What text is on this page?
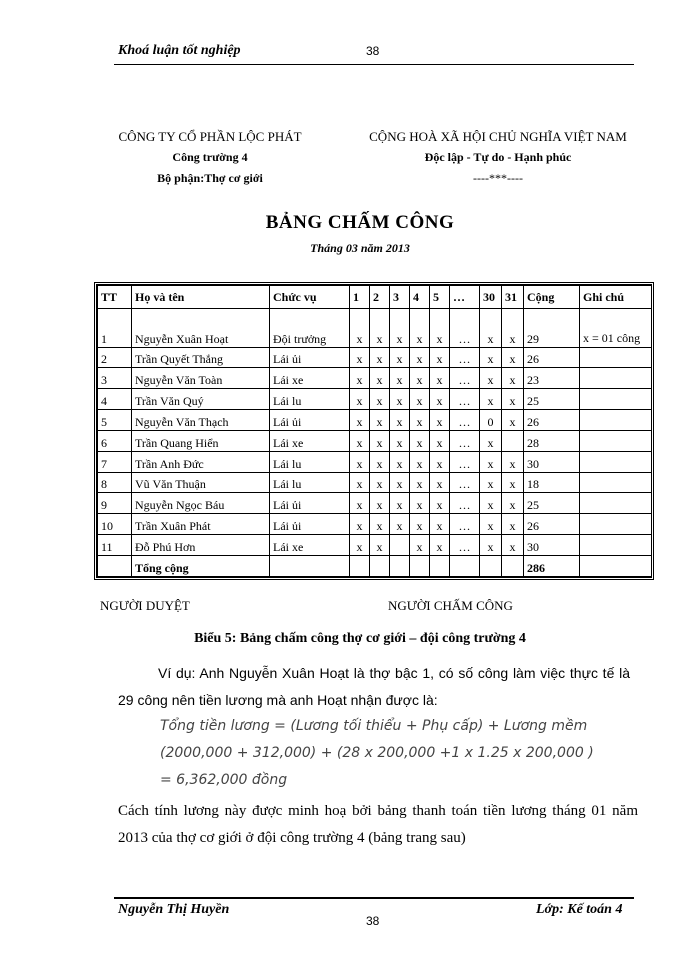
Khoá luận tốt nghiệp	38
CÔNG TY CỔ PHẦN LỘC PHÁT
Công trường 4
Bộ phận:Thợ cơ giới
CỘNG HOÀ XÃ HỘI CHỦ NGHĨA VIỆT NAM
Độc lập - Tự do - Hạnh phúc
----***----
BẢNG CHẤM CÔNG
Tháng 03 năm 2013
TT	Họ và tên	Chức vụ	1	2	3	4	5	…	30	31	Cộng	Ghi chú
1	Nguyễn Xuân Hoạt	Đội trưởng	x	x	x	x	x	…	x	x	29	x = 01 công
2	Trần Quyết Thắng	Lái ủi	x	x	x	x	x	…	x	x	26	
3	Nguyễn Văn Toàn	Lái xe	x	x	x	x	x	…	x	x	23	
4	Trần Văn Quý	Lái lu	x	x	x	x	x	…	x	x	25	
5	Nguyễn Văn Thạch	Lái ủi	x	x	x	x	x	…	0	x	26	
6	Trần Quang Hiển	Lái xe	x	x	x	x	x	…	x		28	
7	Trần Anh Đức	Lái lu	x	x	x	x	x	…	x	x	30	
8	Vũ Văn Thuận	Lái lu	x	x	x	x	x	…	x	x	18	
9	Nguyễn Ngọc Báu	Lái ủi	x	x	x	x	x	…	x	x	25	
10	Trần Xuân Phát	Lái ủi	x	x	x	x	x	…	x	x	26	
11	Đỗ Phú Hơn	Lái xe	x	x		x	x	…	x	x	30	
	Tổng cộng										286	
NGƯỜI DUYỆT	NGƯỜI CHẤM CÔNG
Biểu 5: Bảng chấm công thợ cơ giới – đội công trường 4
Ví dụ: Anh Nguyễn Xuân Hoạt là thợ bậc 1, có số công làm việc thực tế là 29 công nên tiền lương mà anh Hoạt nhận được là:
Tổng tiền lương = (Lương tối thiểu + Phụ cấp) + Lương mềm
(2000,000 + 312,000) + (28 x 200,000 +1 x 1.25 x 200,000 )
= 6,362,000 đồng
Cách tính lương này được minh hoạ bởi bảng thanh toán tiền lương tháng 01 năm 2013 của thợ cơ giới ở đội công trường 4 (bảng trang sau)
Nguyễn Thị Huyền
38
Lớp: Kế toán 4
